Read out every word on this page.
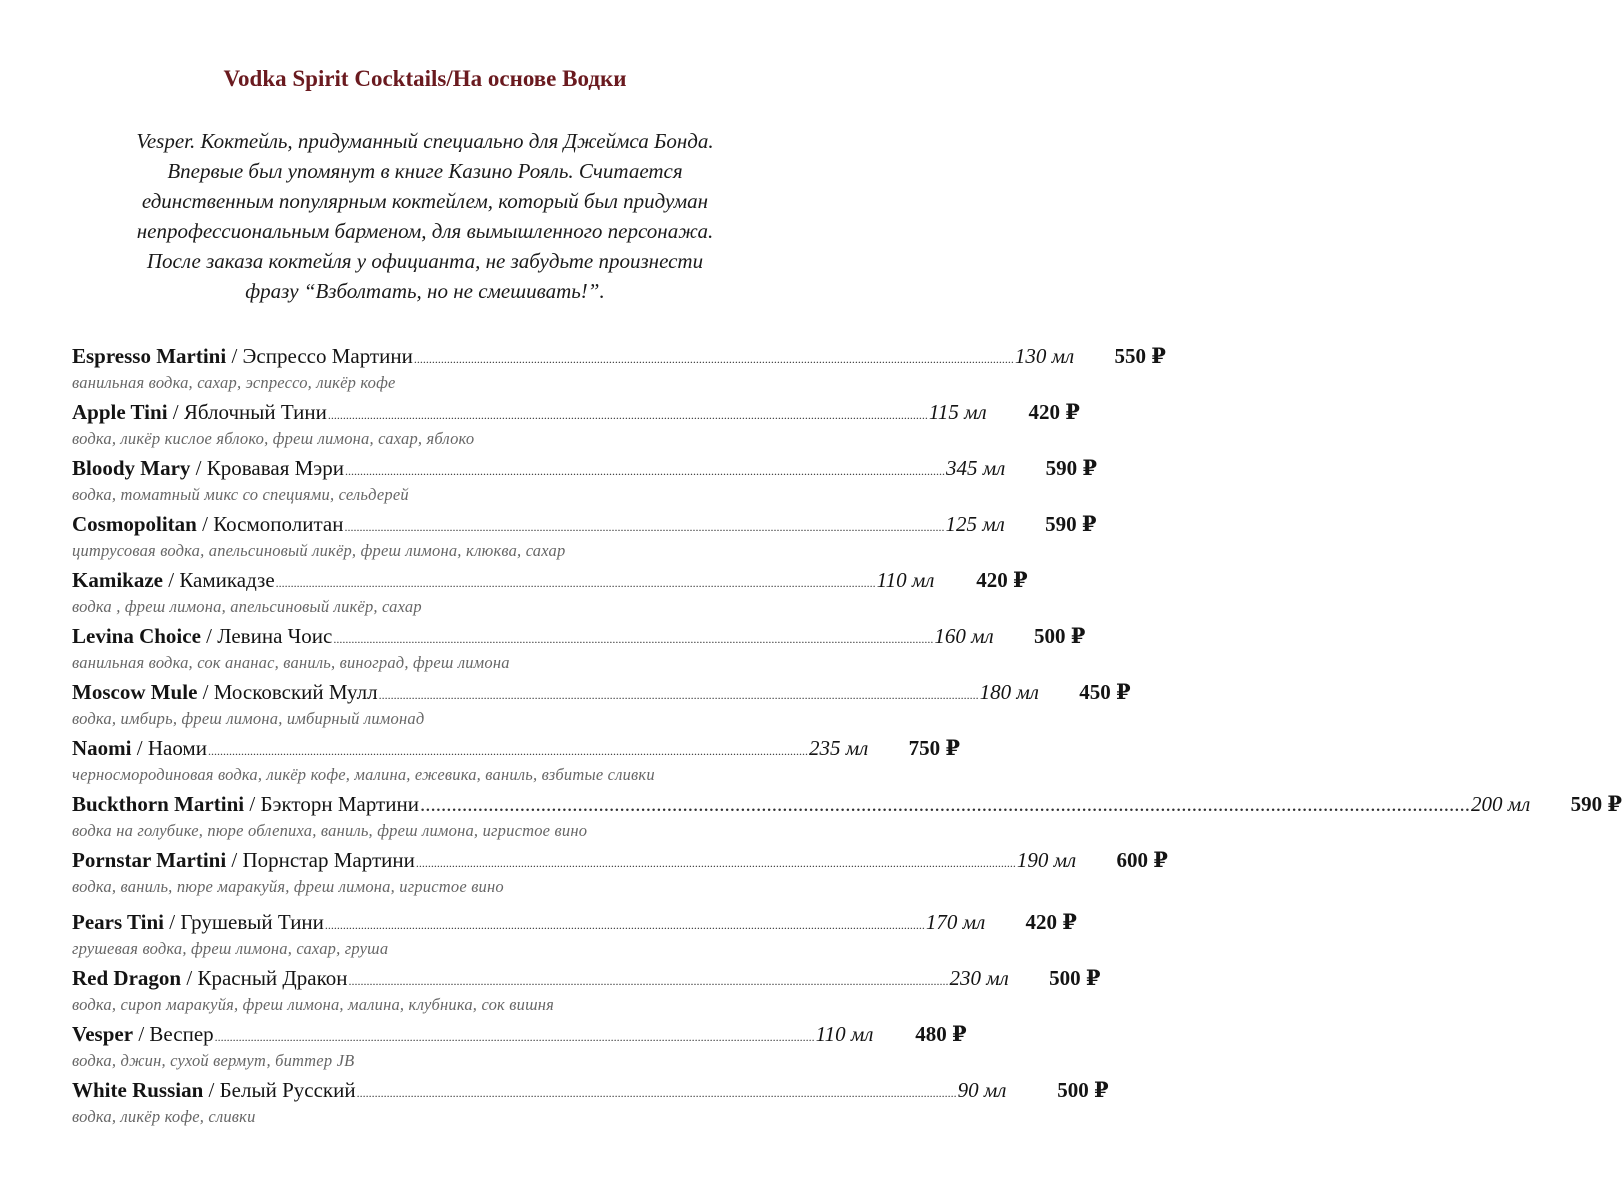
Vodka Spirit Cocktails/На основе Водки
Vesper. Коктейль, придуманный специально для Джеймса Бонда.
Впервые был упомянут в книге Казино Рояль. Считается
единственным популярным коктейлем, который был придуман
непрофессиональным барменом, для вымышленного персонажа.
После заказа коктейля у официанта, не забудьте произнести
фразу “Взболтать, но не смешивать!”.
Espresso Martini / Эспрессо Мартини ........................................................................................................................................................................................................ 130 мл	550 ₽
ванильная водка, сахар, эспрессо, ликёр кофе
Apple Tini / Яблочный Тини ........................................................................................................................................................................................................ 115 мл	420 ₽
водка, ликёр кислое яблоко, фреш лимона, сахар, яблоко
Bloody Mary / Кровавая Мэри ........................................................................................................................................................................................................ 345 мл	590 ₽
водка, томатный микс со специями, сельдерей
Cosmopolitan / Космополитан ........................................................................................................................................................................................................ 125 мл	590 ₽
цитрусовая водка, апельсиновый ликёр, фреш лимона, клюква, сахар
Kamikaze / Камикадзе ........................................................................................................................................................................................................ 110 мл	420 ₽
водка , фреш лимона, апельсиновый ликёр, сахар
Levina Choice / Левина Чоис ........................................................................................................................................................................................................ 160 мл	500 ₽
ванильная водка, сок ананас, ваниль, виноград, фреш лимона
Moscow Mule / Московский Мулл ........................................................................................................................................................................................................ 180 мл	450 ₽
водка, имбирь, фреш лимона, имбирный лимонад
Naomi / Наоми ........................................................................................................................................................................................................ 235 мл	750 ₽
черносмородиновая водка, ликёр кофе, малина, ежевика, ваниль, взбитые сливки
Buckthorn Martini / Бэкторн Мартини ........................................................................................................................................................................................................ 200 мл	590 ₽
водка на голубике, пюре облепиха, ваниль, фреш лимона, игристое вино
Pornstar Martini / Порнстар Мартини ........................................................................................................................................................................................................ 190 мл	600 ₽
водка, ваниль, пюре маракуйя, фреш лимона, игристое вино
Pears Tini / Грушевый Тини ........................................................................................................................................................................................................ 170 мл	420 ₽
грушевая водка, фреш лимона, сахар, груша
Red Dragon / Красный Дракон ........................................................................................................................................................................................................ 230 мл	500 ₽
водка, сироп маракуйя, фреш лимона, малина, клубника, сок вишня
Vesper / Веспер ........................................................................................................................................................................................................ 110 мл	480 ₽
водка, джин, сухой вермут, биттер JB
White Russian / Белый Русский ........................................................................................................................................................................................................ 90 мл	500 ₽
водка, ликёр кофе, сливки
